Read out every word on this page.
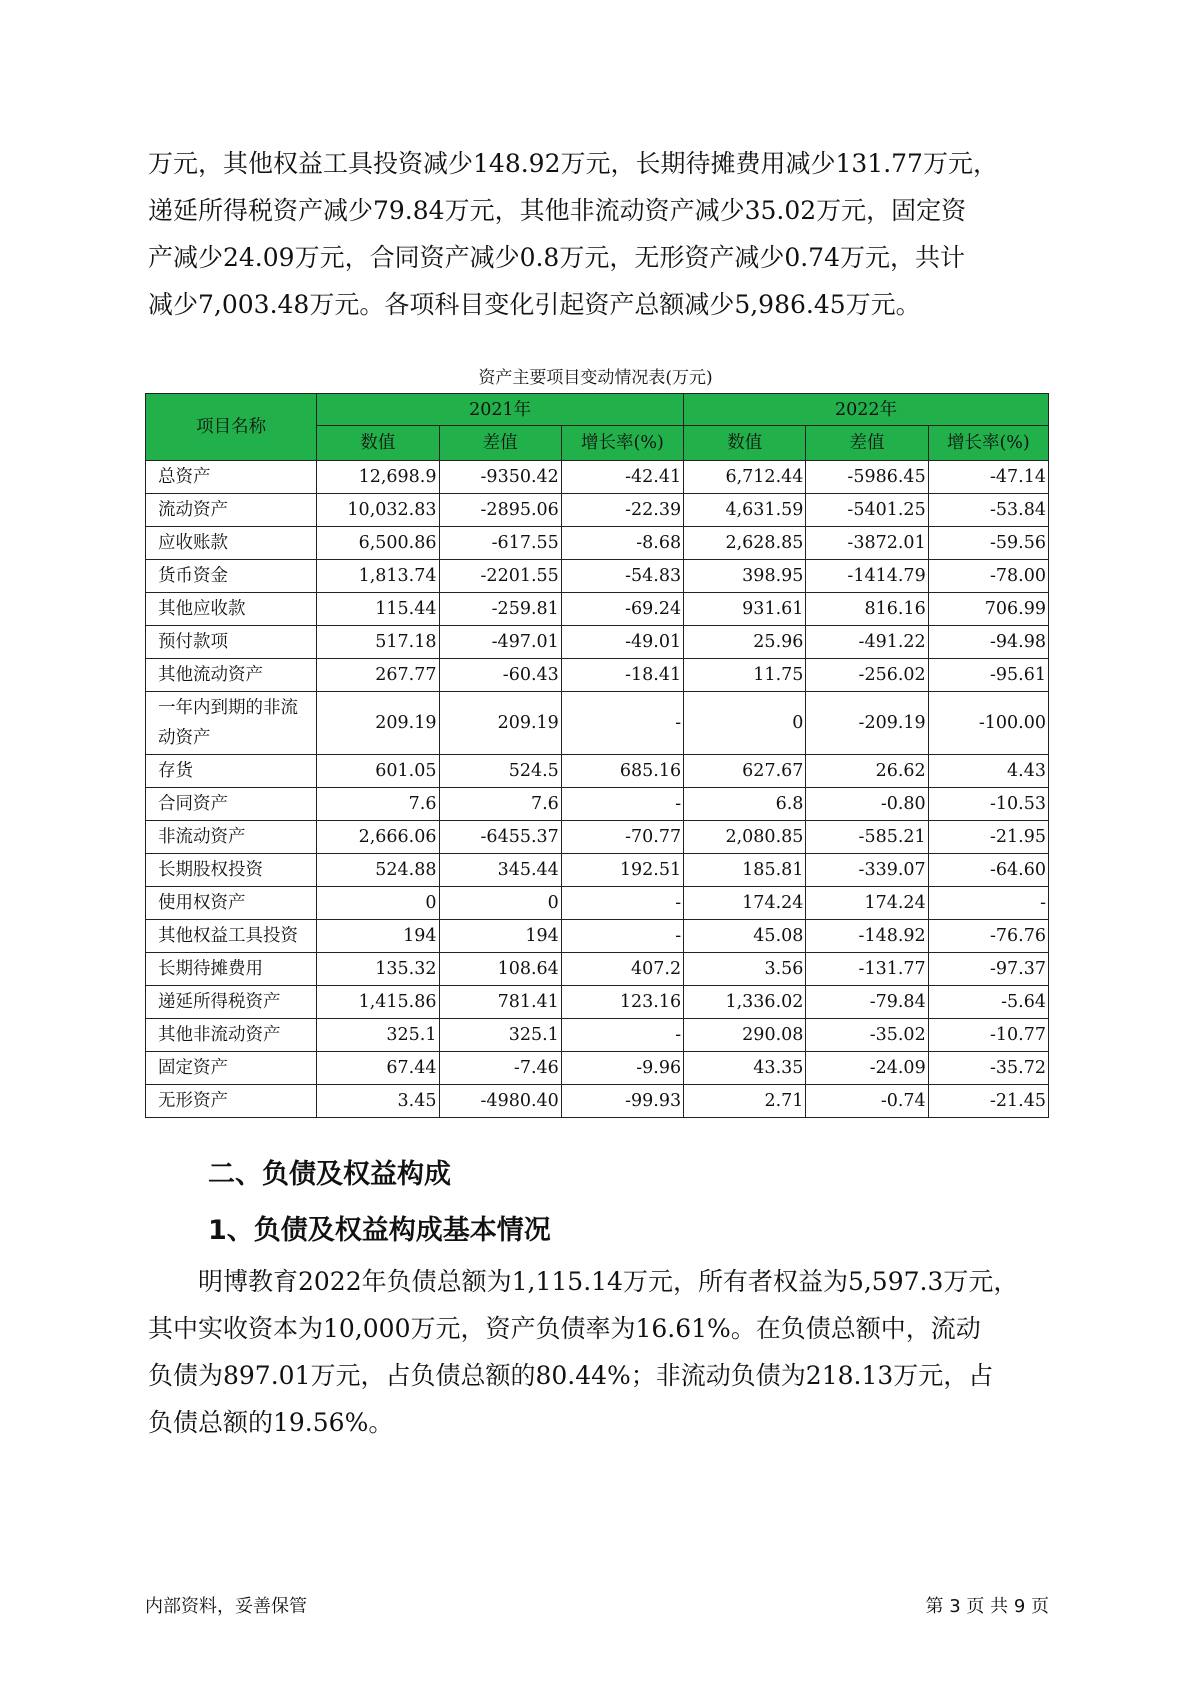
万元，其他权益工具投资减少148.92万元，长期待摊费用减少131.77万元，
递延所得税资产减少79.84万元，其他非流动资产减少35.02万元，固定资
产减少24.09万元，合同资产减少0.8万元，无形资产减少0.74万元，共计
减少7,003.48万元。各项科目变化引起资产总额减少5,986.45万元。

资产主要项目变动情况表(万元)
项目名称	2021年			2022年		
	数值	差值	增长率(%)	数值	差值	增长率(%)
总资产	12,698.9	-9350.42	-42.41	6,712.44	-5986.45	-47.14
流动资产	10,032.83	-2895.06	-22.39	4,631.59	-5401.25	-53.84
应收账款	6,500.86	-617.55	-8.68	2,628.85	-3872.01	-59.56
货币资金	1,813.74	-2201.55	-54.83	398.95	-1414.79	-78.00
其他应收款	115.44	-259.81	-69.24	931.61	816.16	706.99
预付款项	517.18	-497.01	-49.01	25.96	-491.22	-94.98
其他流动资产	267.77	-60.43	-18.41	11.75	-256.02	-95.61
一年内到期的非流动资产	209.19	209.19	-	0	-209.19	-100.00
存货	601.05	524.5	685.16	627.67	26.62	4.43
合同资产	7.6	7.6	-	6.8	-0.80	-10.53
非流动资产	2,666.06	-6455.37	-70.77	2,080.85	-585.21	-21.95
长期股权投资	524.88	345.44	192.51	185.81	-339.07	-64.60
使用权资产	0	0	-	174.24	174.24	-
其他权益工具投资	194	194	-	45.08	-148.92	-76.76
长期待摊费用	135.32	108.64	407.2	3.56	-131.77	-97.37
递延所得税资产	1,415.86	781.41	123.16	1,336.02	-79.84	-5.64
其他非流动资产	325.1	325.1	-	290.08	-35.02	-10.77
固定资产	67.44	-7.46	-9.96	43.35	-24.09	-35.72
无形资产	3.45	-4980.40	-99.93	2.71	-0.74	-21.45
二、负债及权益构成
1、负债及权益构成基本情况

　　明博教育2022年负债总额为1,115.14万元，所有者权益为5,597.3万元，
其中实收资本为10,000万元，资产负债率为16.61%。在负债总额中，流动
负债为897.01万元，占负债总额的80.44%；非流动负债为218.13万元，占
负债总额的19.56%。

内部资料，妥善保管	第 3 页 共 9 页
